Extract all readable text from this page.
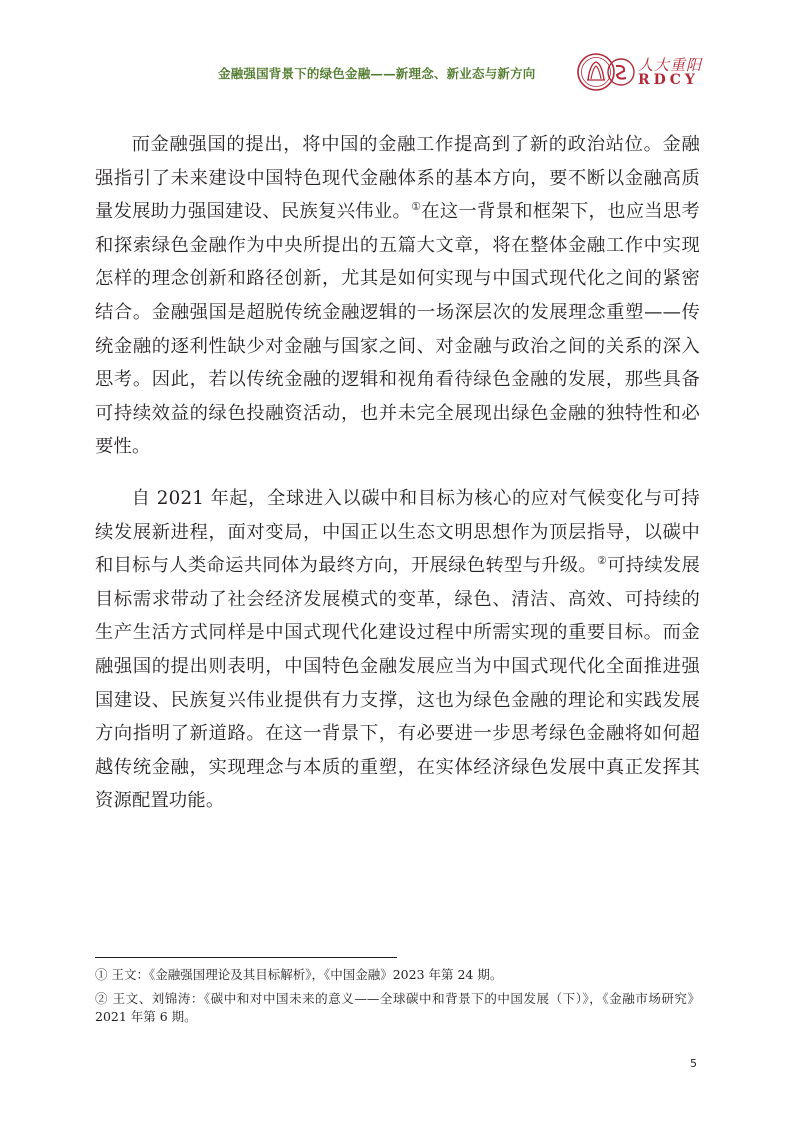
金融强国背景下的绿色金融——新理念、新业态与新方向	人大重阳
RDCY

而金融强国的提出，将中国的金融工作提高到了新的政治站位。金融强指引了未来建设中国特色现代金融体系的基本方向，要不断以金融高质量发展助力强国建设、民族复兴伟业。①在这一背景和框架下，也应当思考和探索绿色金融作为中央所提出的五篇大文章，将在整体金融工作中实现怎样的理念创新和路径创新，尤其是如何实现与中国式现代化之间的紧密结合。金融强国是超脱传统金融逻辑的一场深层次的发展理念重塑——传统金融的逐利性缺少对金融与国家之间、对金融与政治之间的关系的深入思考。因此，若以传统金融的逻辑和视角看待绿色金融的发展，那些具备可持续效益的绿色投融资活动，也并未完全展现出绿色金融的独特性和必要性。

自 2021 年起，全球进入以碳中和目标为核心的应对气候变化与可持续发展新进程，面对变局，中国正以生态文明思想作为顶层指导，以碳中和目标与人类命运共同体为最终方向，开展绿色转型与升级。②可持续发展目标需求带动了社会经济发展模式的变革，绿色、清洁、高效、可持续的生产生活方式同样是中国式现代化建设过程中所需实现的重要目标。而金融强国的提出则表明，中国特色金融发展应当为中国式现代化全面推进强国建设、民族复兴伟业提供有力支撑，这也为绿色金融的理论和实践发展方向指明了新道路。在这一背景下，有必要进一步思考绿色金融将如何超越传统金融，实现理念与本质的重塑，在实体经济绿色发展中真正发挥其资源配置功能。

① 王文：《金融强国理论及其目标解析》，《中国金融》2023 年第 24 期。

② 王文、刘锦涛：《碳中和对中国未来的意义——全球碳中和背景下的中国发展（下）》，《金融市场研究》2021 年第 6 期。

5
